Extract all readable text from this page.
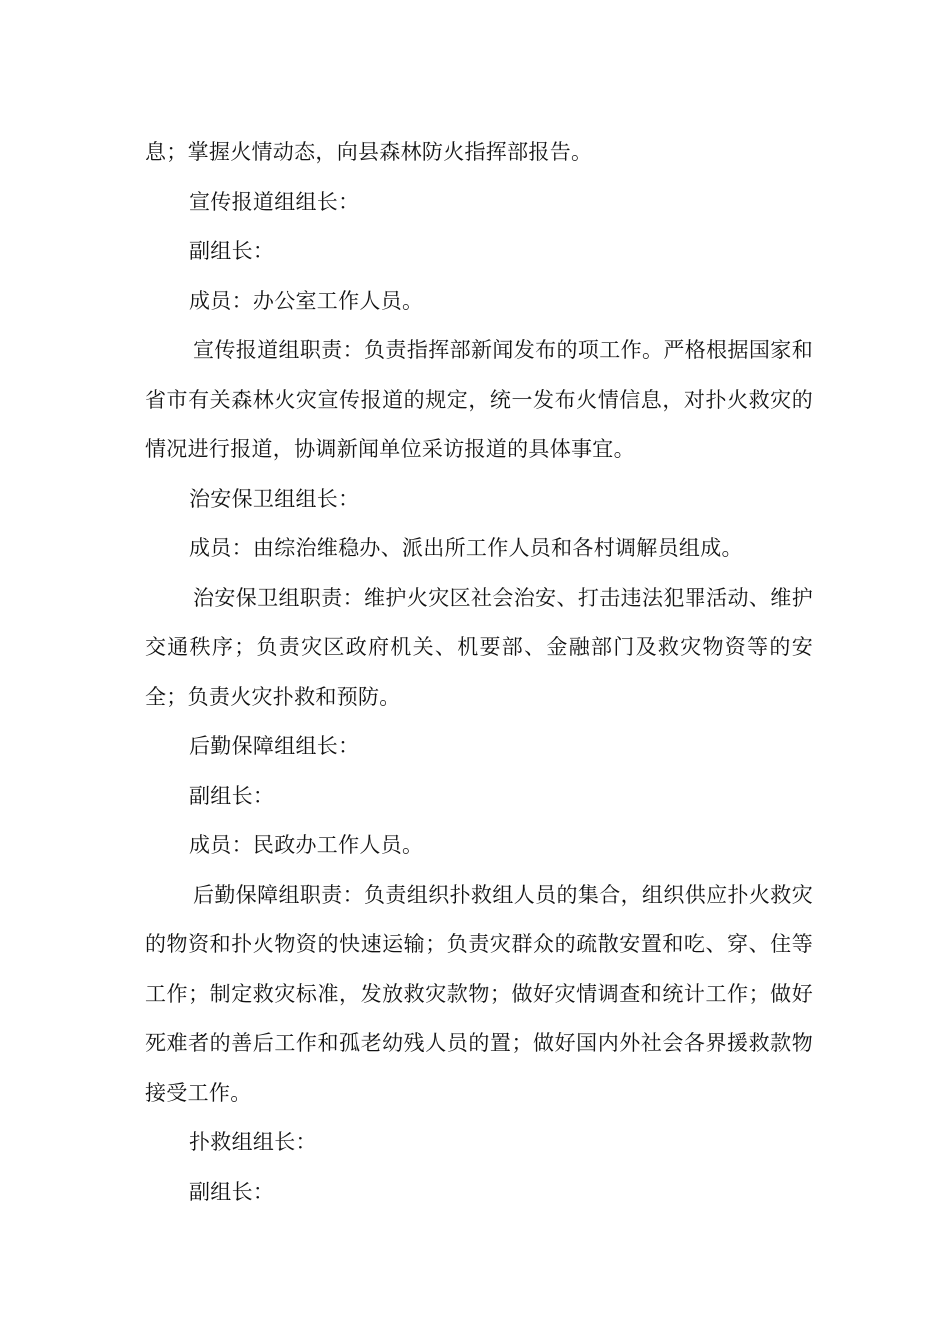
息；掌握火情动态，向县森林防火指挥部报告。

宣传报道组组长：

副组长：

成员：办公室工作人员。

宣传报道组职责：负责指挥部新闻发布的项工作。严格根据国家和省市有关森林火灾宣传报道的规定，统一发布火情信息，对扑火救灾的情况进行报道，协调新闻单位采访报道的具体事宜。

治安保卫组组长：

成员：由综治维稳办、派出所工作人员和各村调解员组成。

治安保卫组职责：维护火灾区社会治安、打击违法犯罪活动、维护交通秩序；负责灾区政府机关、机要部、金融部门及救灾物资等的安全；负责火灾扑救和预防。

后勤保障组组长：

副组长：

成员：民政办工作人员。

后勤保障组职责：负责组织扑救组人员的集合，组织供应扑火救灾的物资和扑火物资的快速运输；负责灾群众的疏散安置和吃、穿、住等工作；制定救灾标准，发放救灾款物；做好灾情调查和统计工作；做好死难者的善后工作和孤老幼残人员的置；做好国内外社会各界援救款物接受工作。

扑救组组长：

副组长：
